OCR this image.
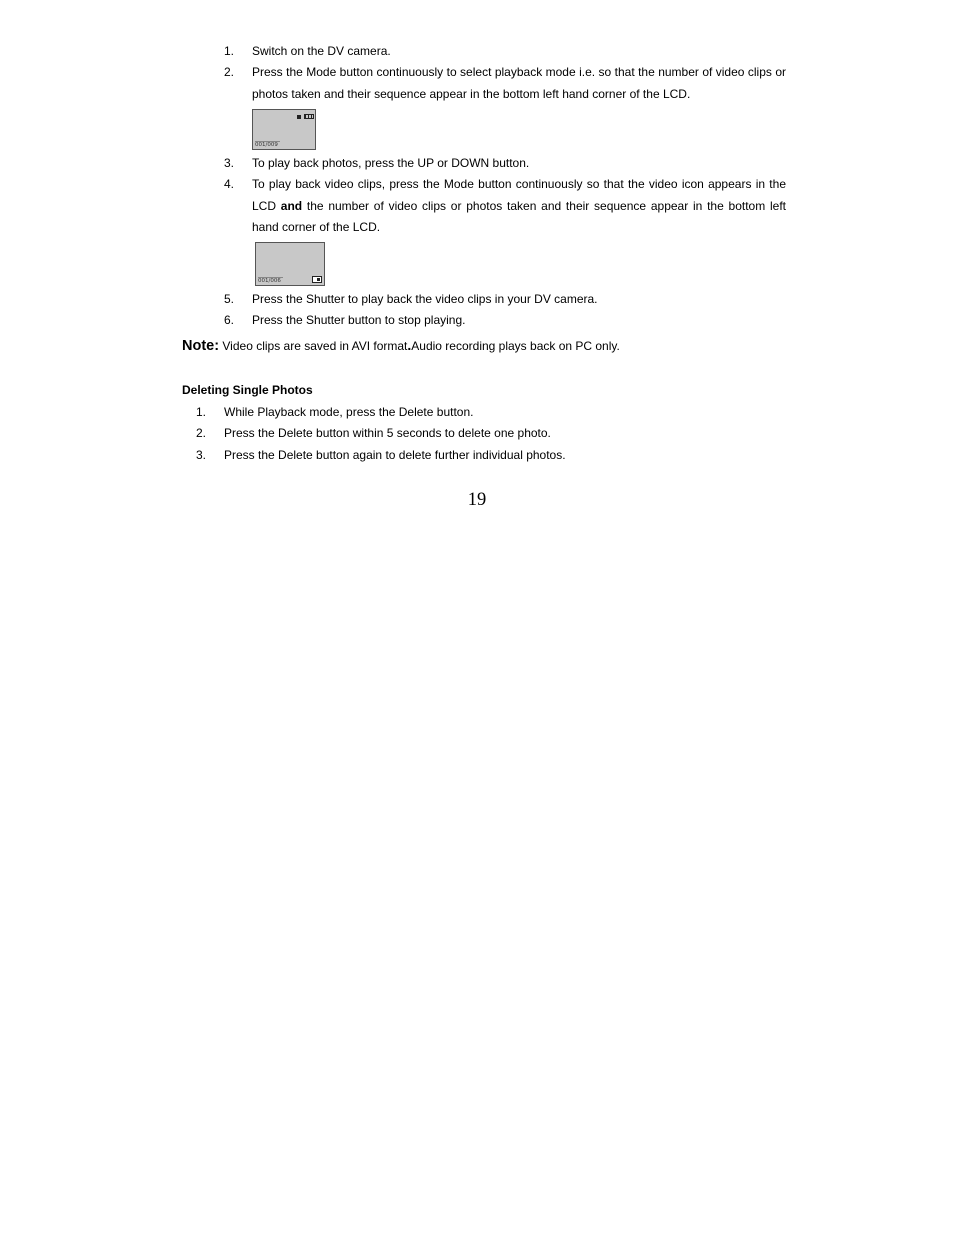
1. Switch on the DV camera.
2. Press the Mode button continuously to select playback mode i.e. so that the number of video clips or photos taken and their sequence appear in the bottom left hand corner of the LCD.
001/009
3. To play back photos, press the UP or DOWN button.
4. To play back video clips, press the Mode button continuously so that the video icon appears in the LCD and the number of video clips or photos taken and their sequence appear in the bottom left hand corner of the LCD.
001/006
5. Press the Shutter to play back the video clips in your DV camera.
6. Press the Shutter button to stop playing.
Note: Video clips are saved in AVI format.Audio recording plays back on PC only.
Deleting Single Photos
1. While Playback mode, press the Delete button.
2. Press the Delete button within 5 seconds to delete one photo.
3. Press the Delete button again to delete further individual photos.
19
